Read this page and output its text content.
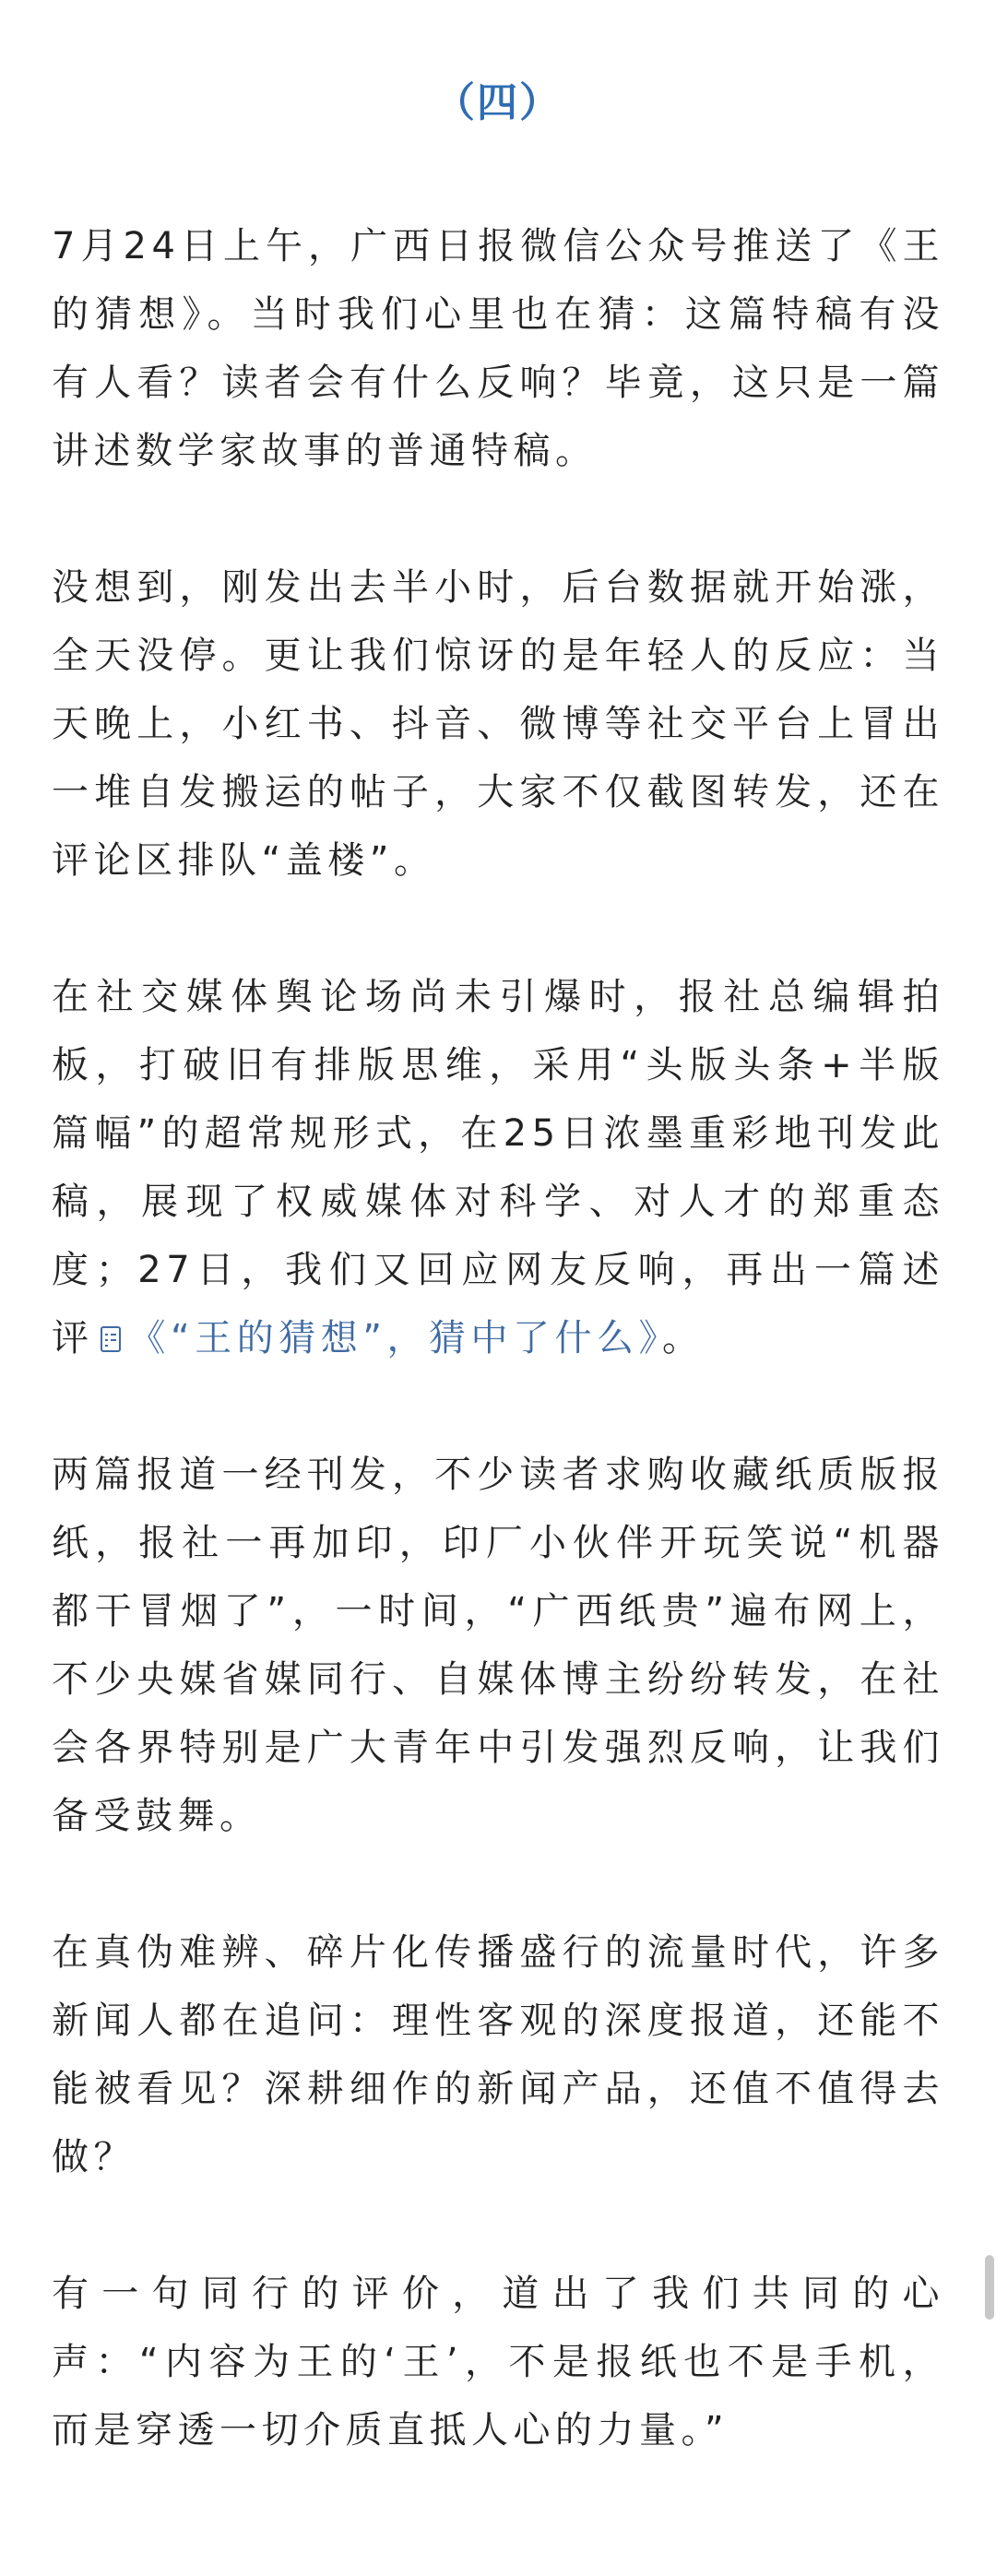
（四）

7月24日上午，广西日报微信公众号推送了《王的猜想》。当时我们心里也在猜：这篇特稿有没有人看？读者会有什么反响？毕竟，这只是一篇讲述数学家故事的普通特稿。

没想到，刚发出去半小时，后台数据就开始涨，全天没停。更让我们惊讶的是年轻人的反应：当天晚上，小红书、抖音、微博等社交平台上冒出一堆自发搬运的帖子，大家不仅截图转发，还在评论区排队“盖楼”。

在社交媒体舆论场尚未引爆时，报社总编辑拍板，打破旧有排版思维，采用“头版头条+半版篇幅”的超常规形式，在25日浓墨重彩地刊发此稿，展现了权威媒体对科学、对人才的郑重态度；27日，我们又回应网友反响，再出一篇述评 《“王的猜想”，猜中了什么》。

两篇报道一经刊发，不少读者求购收藏纸质版报纸，报社一再加印，印厂小伙伴开玩笑说“机器都干冒烟了”，一时间，“广西纸贵”遍布网上，不少央媒省媒同行、自媒体博主纷纷转发，在社会各界特别是广大青年中引发强烈反响，让我们备受鼓舞。

在真伪难辨、碎片化传播盛行的流量时代，许多新闻人都在追问：理性客观的深度报道，还能不能被看见？深耕细作的新闻产品，还值不值得去做？

有一句同行的评价，道出了我们共同的心声：“内容为王的‘王’，不是报纸也不是手机，而是穿透一切介质直抵人心的力量。”
